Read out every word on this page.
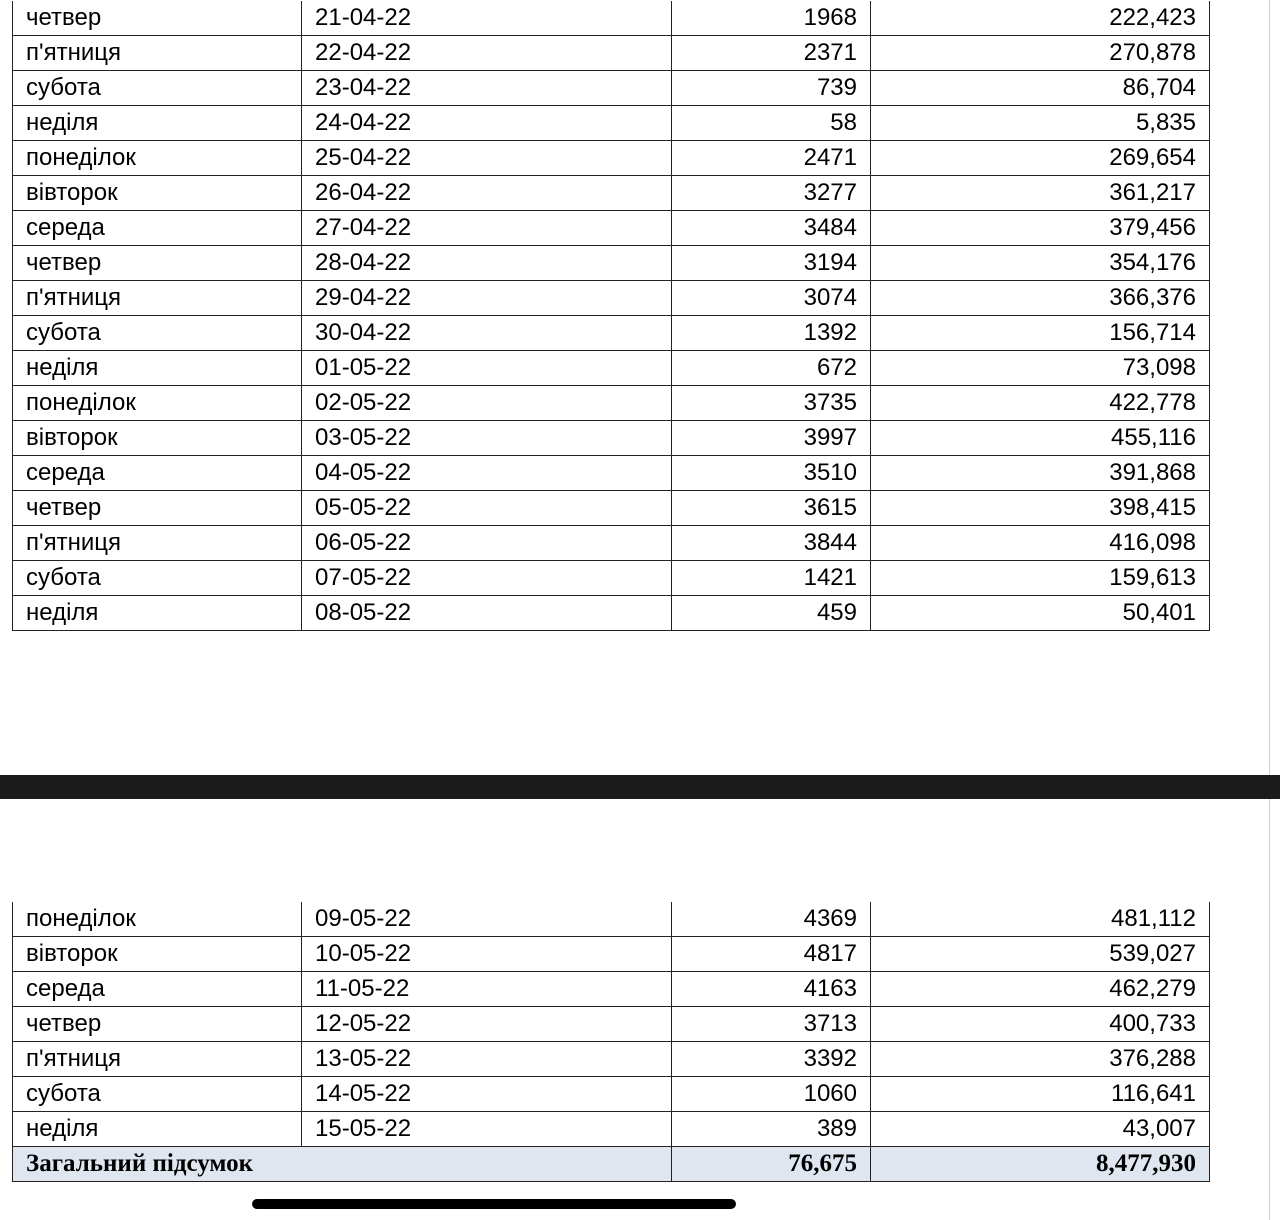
четвер	21-04-22	1968	222,423
п'ятниця	22-04-22	2371	270,878
субота	23-04-22	739	86,704
неділя	24-04-22	58	5,835
понеділок	25-04-22	2471	269,654
вівторок	26-04-22	3277	361,217
середа	27-04-22	3484	379,456
четвер	28-04-22	3194	354,176
п'ятниця	29-04-22	3074	366,376
субота	30-04-22	1392	156,714
неділя	01-05-22	672	73,098
понеділок	02-05-22	3735	422,778
вівторок	03-05-22	3997	455,116
середа	04-05-22	3510	391,868
четвер	05-05-22	3615	398,415
п'ятниця	06-05-22	3844	416,098
субота	07-05-22	1421	159,613
неділя	08-05-22	459	50,401
понеділок	09-05-22	4369	481,112
вівторок	10-05-22	4817	539,027
середа	11-05-22	4163	462,279
четвер	12-05-22	3713	400,733
п'ятниця	13-05-22	3392	376,288
субота	14-05-22	1060	116,641
неділя	15-05-22	389	43,007
Загальний підсумок		76,675	8,477,930
